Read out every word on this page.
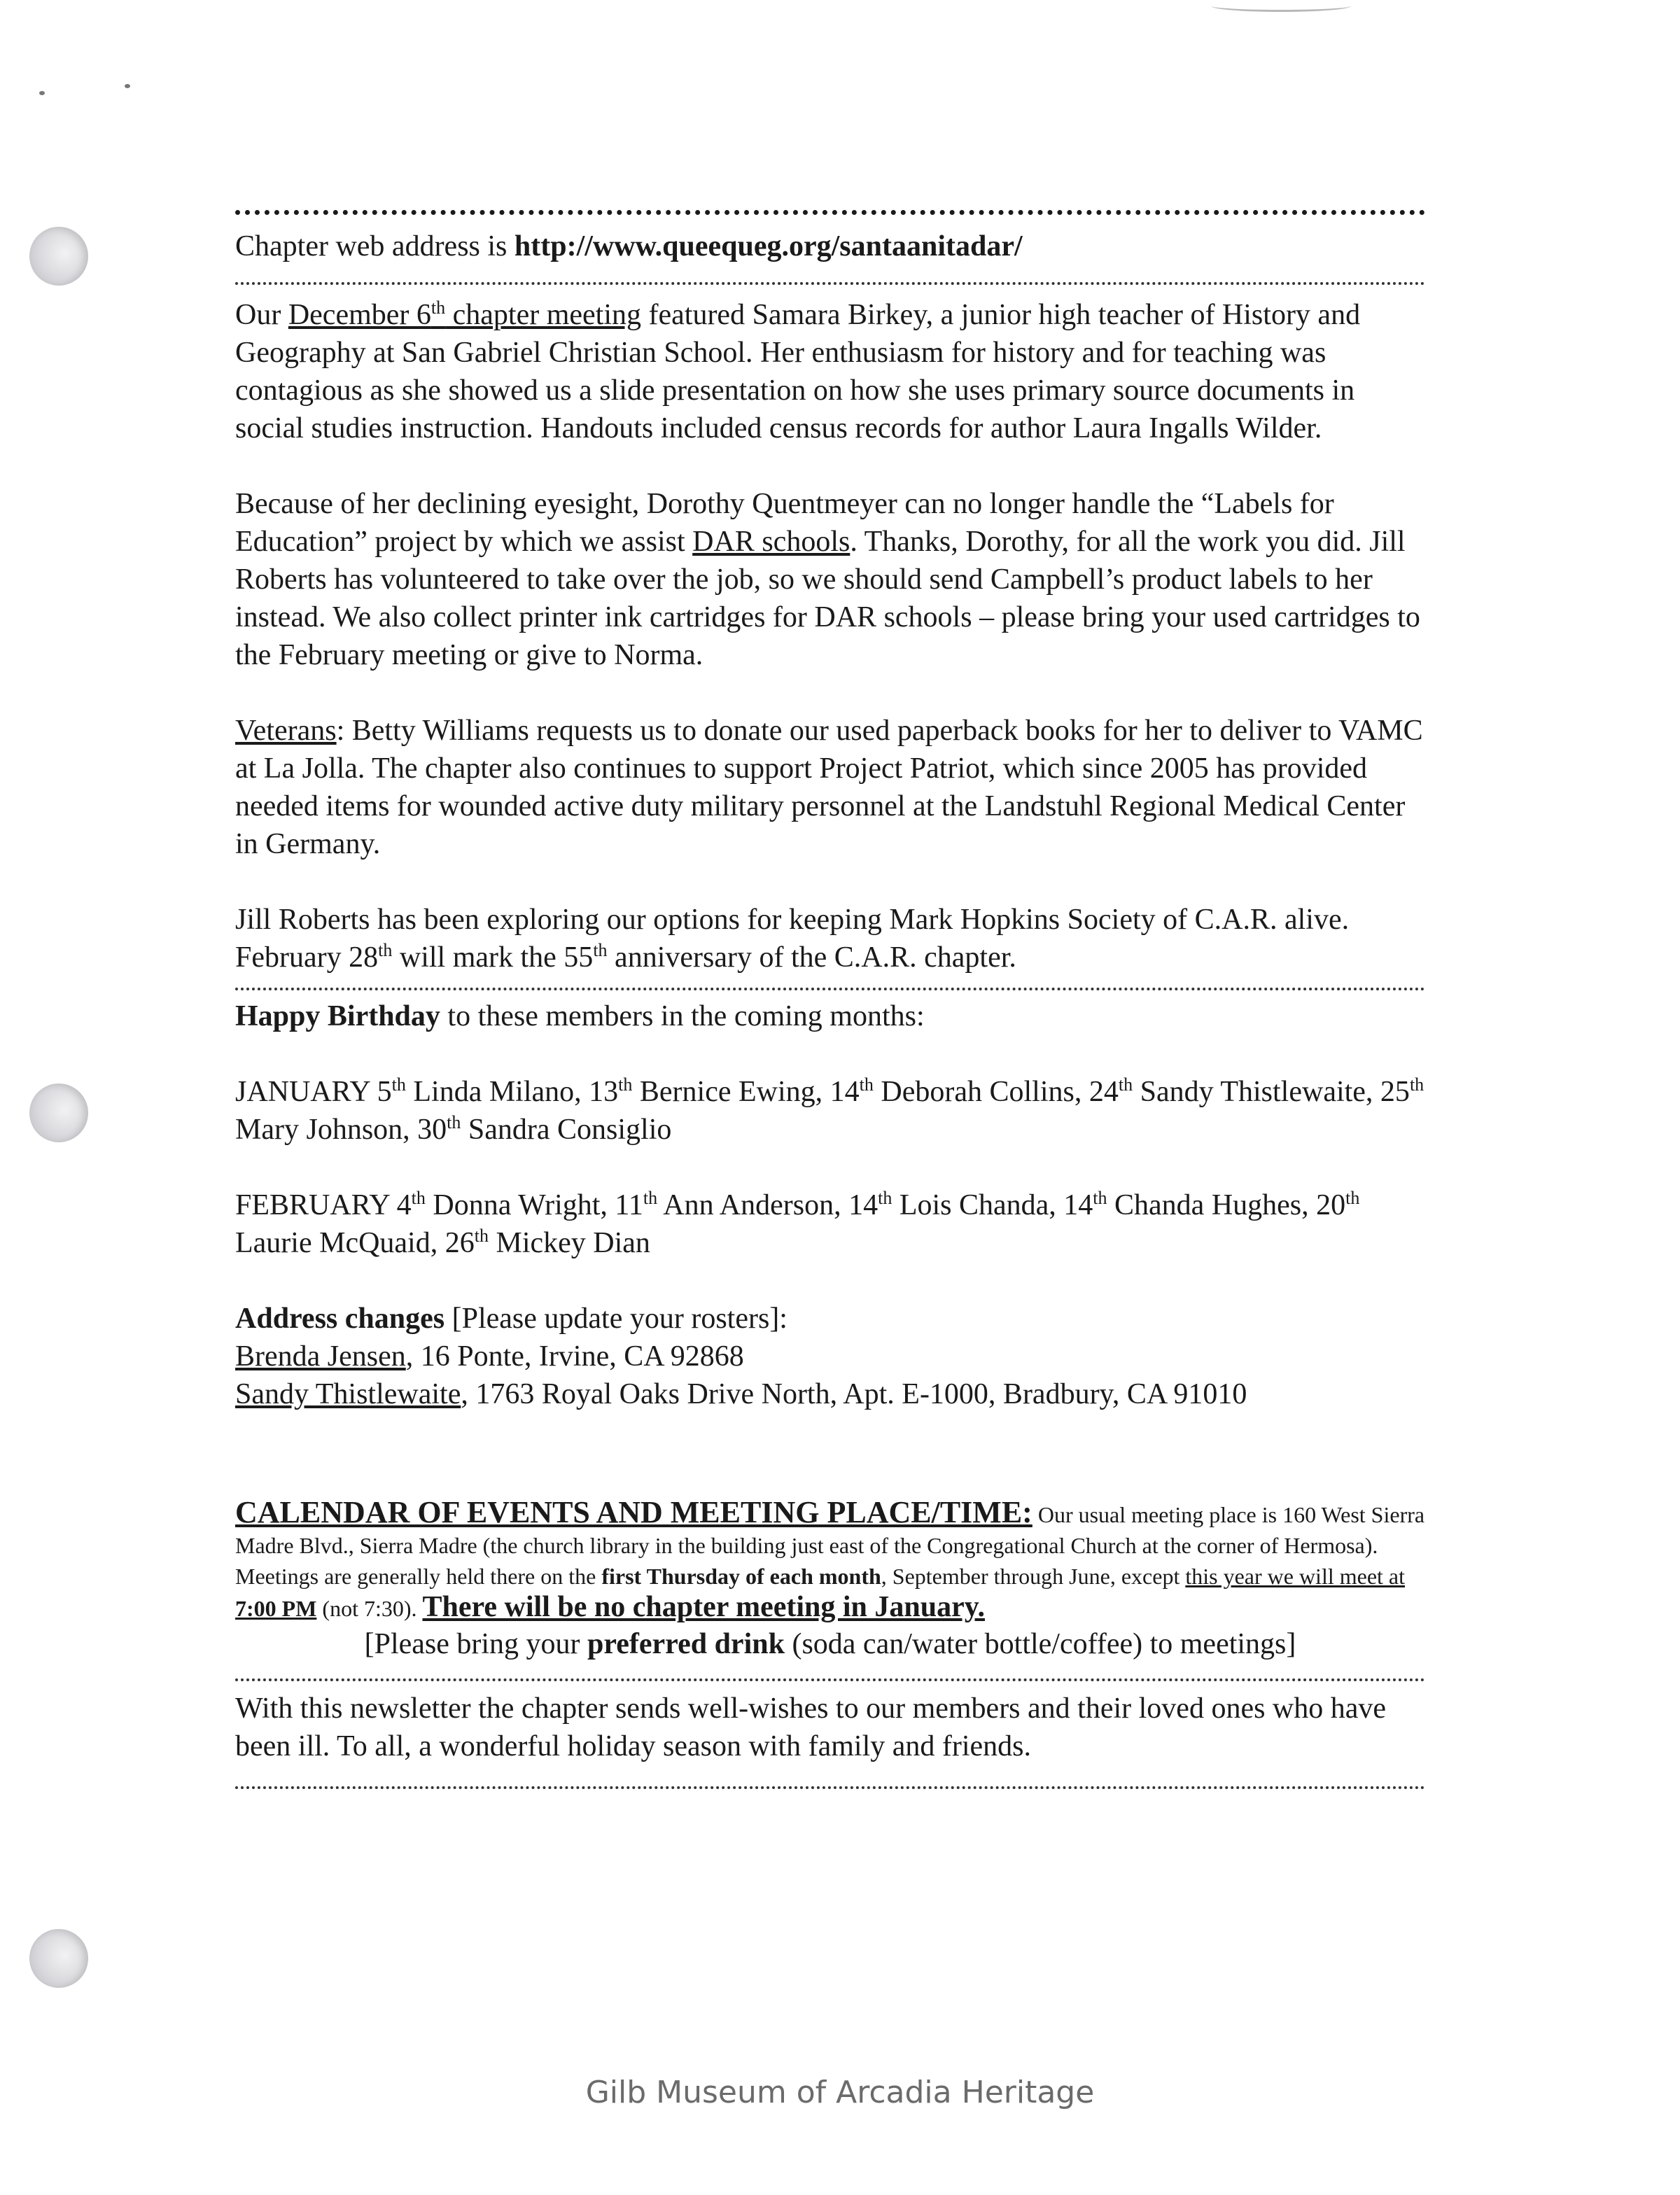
Chapter web address is http://www.queequeg.org/santaanitadar/

Our December 6th chapter meeting featured Samara Birkey, a junior high teacher of History and Geography at San Gabriel Christian School. Her enthusiasm for history and for teaching was contagious as she showed us a slide presentation on how she uses primary source documents in social studies instruction. Handouts included census records for author Laura Ingalls Wilder.

Because of her declining eyesight, Dorothy Quentmeyer can no longer handle the “Labels for Education” project by which we assist DAR schools. Thanks, Dorothy, for all the work you did. Jill Roberts has volunteered to take over the job, so we should send Campbell’s product labels to her instead. We also collect printer ink cartridges for DAR schools – please bring your used cartridges to the February meeting or give to Norma.

Veterans: Betty Williams requests us to donate our used paperback books for her to deliver to VAMC at La Jolla. The chapter also continues to support Project Patriot, which since 2005 has provided needed items for wounded active duty military personnel at the Landstuhl Regional Medical Center in Germany.

Jill Roberts has been exploring our options for keeping Mark Hopkins Society of C.A.R. alive. February 28th will mark the 55th anniversary of the C.A.R. chapter.

Happy Birthday to these members in the coming months:

JANUARY 5th Linda Milano, 13th Bernice Ewing, 14th Deborah Collins, 24th Sandy Thistlewaite, 25th Mary Johnson, 30th Sandra Consiglio

FEBRUARY 4th Donna Wright, 11th Ann Anderson, 14th Lois Chanda, 14th Chanda Hughes, 20th Laurie McQuaid, 26th Mickey Dian

Address changes [Please update your rosters]:

Brenda Jensen, 16 Ponte, Irvine, CA 92868

Sandy Thistlewaite, 1763 Royal Oaks Drive North, Apt. E-1000, Bradbury, CA 91010

CALENDAR OF EVENTS AND MEETING PLACE/TIME: Our usual meeting place is 160 West Sierra Madre Blvd., Sierra Madre (the church library in the building just east of the Congregational Church at the corner of Hermosa). Meetings are generally held there on the first Thursday of each month, September through June, except this year we will meet at 7:00 PM (not 7:30). There will be no chapter meeting in January.

[Please bring your preferred drink (soda can/water bottle/coffee) to meetings]

With this newsletter the chapter sends well-wishes to our members and their loved ones who have been ill. To all, a wonderful holiday season with family and friends.

Gilb Museum of Arcadia Heritage
